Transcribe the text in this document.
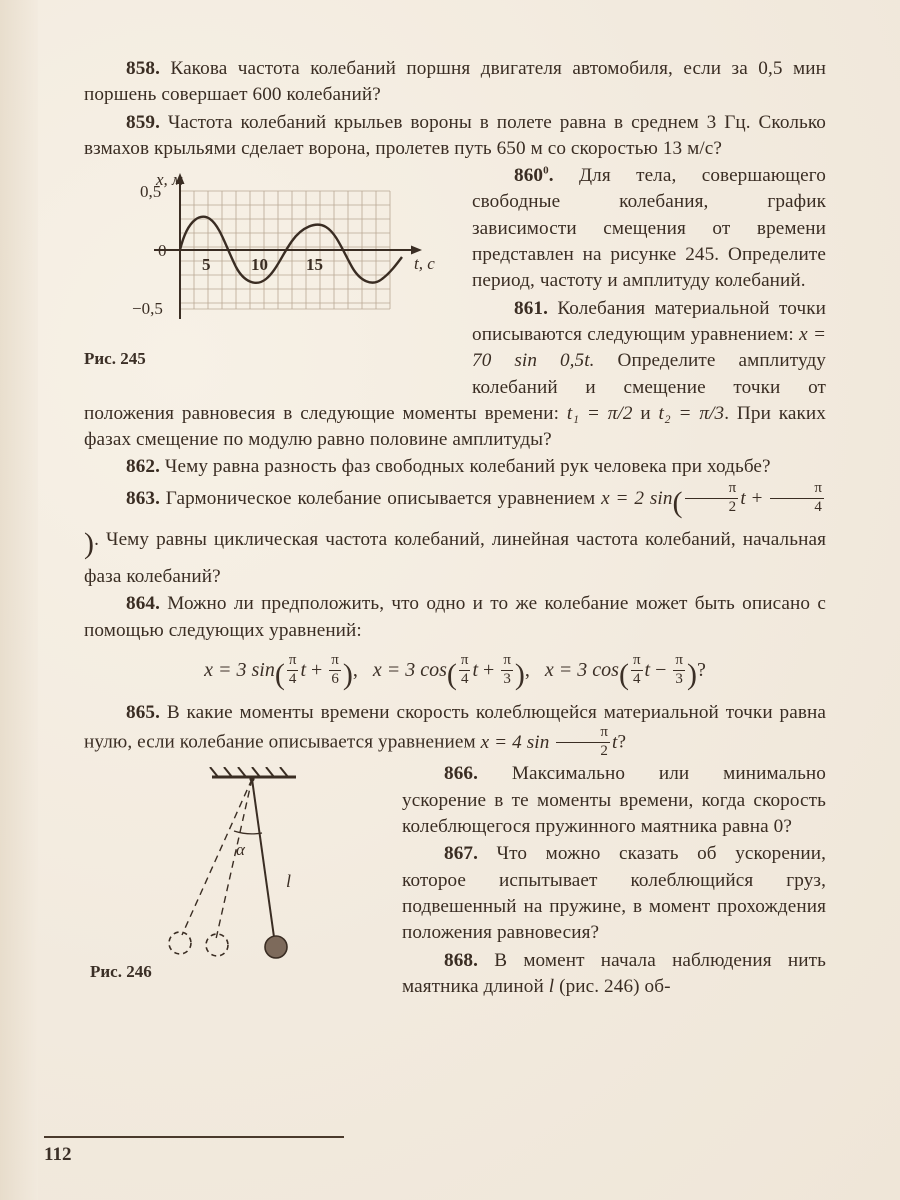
858. Какова частота колебаний поршня двигателя автомобиля, если за 0,5 мин поршень совершает 600 колебаний?

859. Частота колебаний крыльев вороны в полете равна в среднем 3 Гц. Сколько взмахов крыльями сделает ворона, пролетев путь 650 м со скоростью 13 м/с?

0,5
0
−0,5
5 10 15
x, м
t, c
Рис. 245

$860^0$. Для тела, совершающего свободные колебания, график зависимости смещения от времени представлен на рисунке 245. Определите период, частоту и амплитуду колебаний.

861. Колебания материальной точки описываются следующим уравнением: x = 70 sin 0,5t. Определите амплитуду колебаний и смещение точки от положения равновесия в следующие моменты времени: t₁ = π/2 и t₂ = π/3. При каких фазах смещение по модулю равно половине амплитуды?

862. Чему равна разность фаз свободных колебаний рук человека при ходьбе?

863. Гармоническое колебание описывается уравнением x = 2 $\sin( \frac{\pi}{2}$ $t + \frac{\pi}{4}$
). Чему равны циклическая частота колебаний, линейная частота колебаний, начальная фаза колебаний?

864. Можно ли предположить, что одно и то же колебание может быть описано с помощью следующих уравнений:

x = 3 $\sin( \frac{\pi}{4}$ $t + \frac{\pi}{6}$ ), x = 3 $\cos( \frac{\pi}{4}$ $t + \frac{\pi}{3}$ ), x = 3 $\cos( \frac{\pi}{4}$ $t - \frac{\pi}{3}$ )?

865. В какие моменты времени скорость колеблющейся материальной точки равна нулю, если колебание описывается уравнением x = 4 $\sin \frac{\pi}{2} t$?

α
l
Рис. 246

866. Максимально или минимально ускорение в те моменты времени, когда скорость колеблющегося пружинного маятника равна 0?

867. Что можно сказать об ускорении, которое испытывает колеблющийся груз, подвешенный на пружине, в момент прохождения положения равновесия?

868. В момент начала наблюдения нить маятника длиной l (рис. 246) об-

112
